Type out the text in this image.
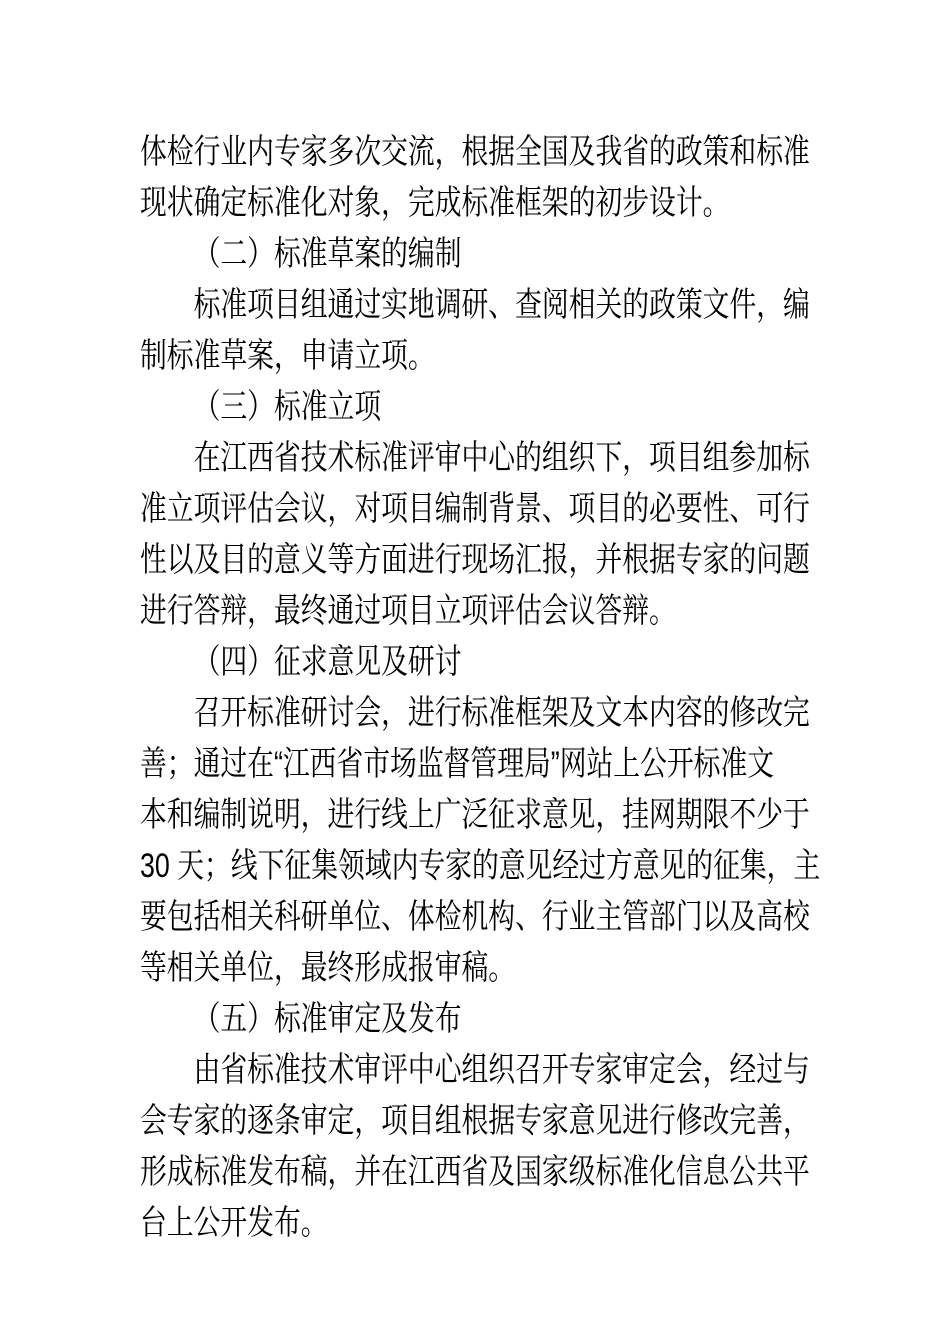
体检行业内专家多次交流，根据全国及我省的政策和标准
现状确定标准化对象，完成标准框架的初步设计。
（二）标准草案的编制
标准项目组通过实地调研、查阅相关的政策文件，编
制标准草案，申请立项。
（三）标准立项
在江西省技术标准评审中心的组织下，项目组参加标
准立项评估会议，对项目编制背景、项目的必要性、可行
性以及目的意义等方面进行现场汇报，并根据专家的问题
进行答辩，最终通过项目立项评估会议答辩。
（四）征求意见及研讨
召开标准研讨会，进行标准框架及文本内容的修改完
善；通过在“江西省市场监督管理局”网站上公开标准文
本和编制说明，进行线上广泛征求意见，挂网期限不少于
30 天；线下征集领域内专家的意见经过方意见的征集，主
要包括相关科研单位、体检机构、行业主管部门以及高校
等相关单位，最终形成报审稿。
（五）标准审定及发布
由省标准技术审评中心组织召开专家审定会，经过与
会专家的逐条审定，项目组根据专家意见进行修改完善，
形成标准发布稿，并在江西省及国家级标准化信息公共平
台上公开发布。
